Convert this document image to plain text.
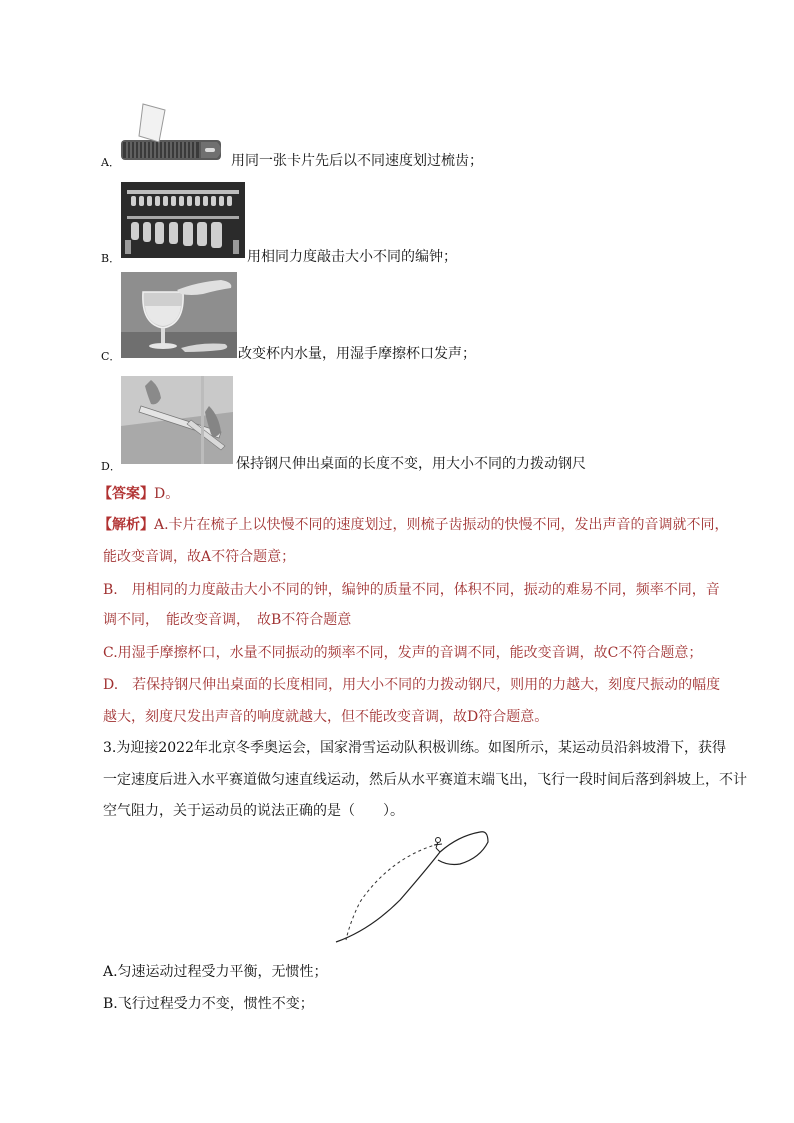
A．	用同一张卡片先后以不同速度划过梳齿；
B．	用相同力度敲击大小不同的编钟；
C．	改变杯内水量，用湿手摩擦杯口发声；
D．	保持钢尺伸出桌面的长度不变，用大小不同的力拨动钢尺
【答案】D。
【解析】A.卡片在梳子上以快慢不同的速度划过，则梳子齿振动的快慢不同，发出声音的音调就不同，
能改变音调，故A不符合题意；
B.　用相同的力度敲击大小不同的钟，编钟的质量不同，体积不同，振动的难易不同，频率不同，音
调不同，　能改变音调，　故B不符合题意
C.用湿手摩擦杯口，水量不同振动的频率不同，发声的音调不同，能改变音调，故C不符合题意；
D.　若保持钢尺伸出桌面的长度相同，用大小不同的力拨动钢尺，则用的力越大，刻度尺振动的幅度
越大，刻度尺发出声音的响度就越大，但不能改变音调，故D符合题意。
3.为迎接2022年北京冬季奥运会，国家滑雪运动队积极训练。如图所示，某运动员沿斜坡滑下，获得
一定速度后进入水平赛道做匀速直线运动，然后从水平赛道末端飞出，飞行一段时间后落到斜坡上，不计
空气阻力，关于运动员的说法正确的是（　　）。
A.匀速运动过程受力平衡，无惯性；
B.飞行过程受力不变，惯性不变；
